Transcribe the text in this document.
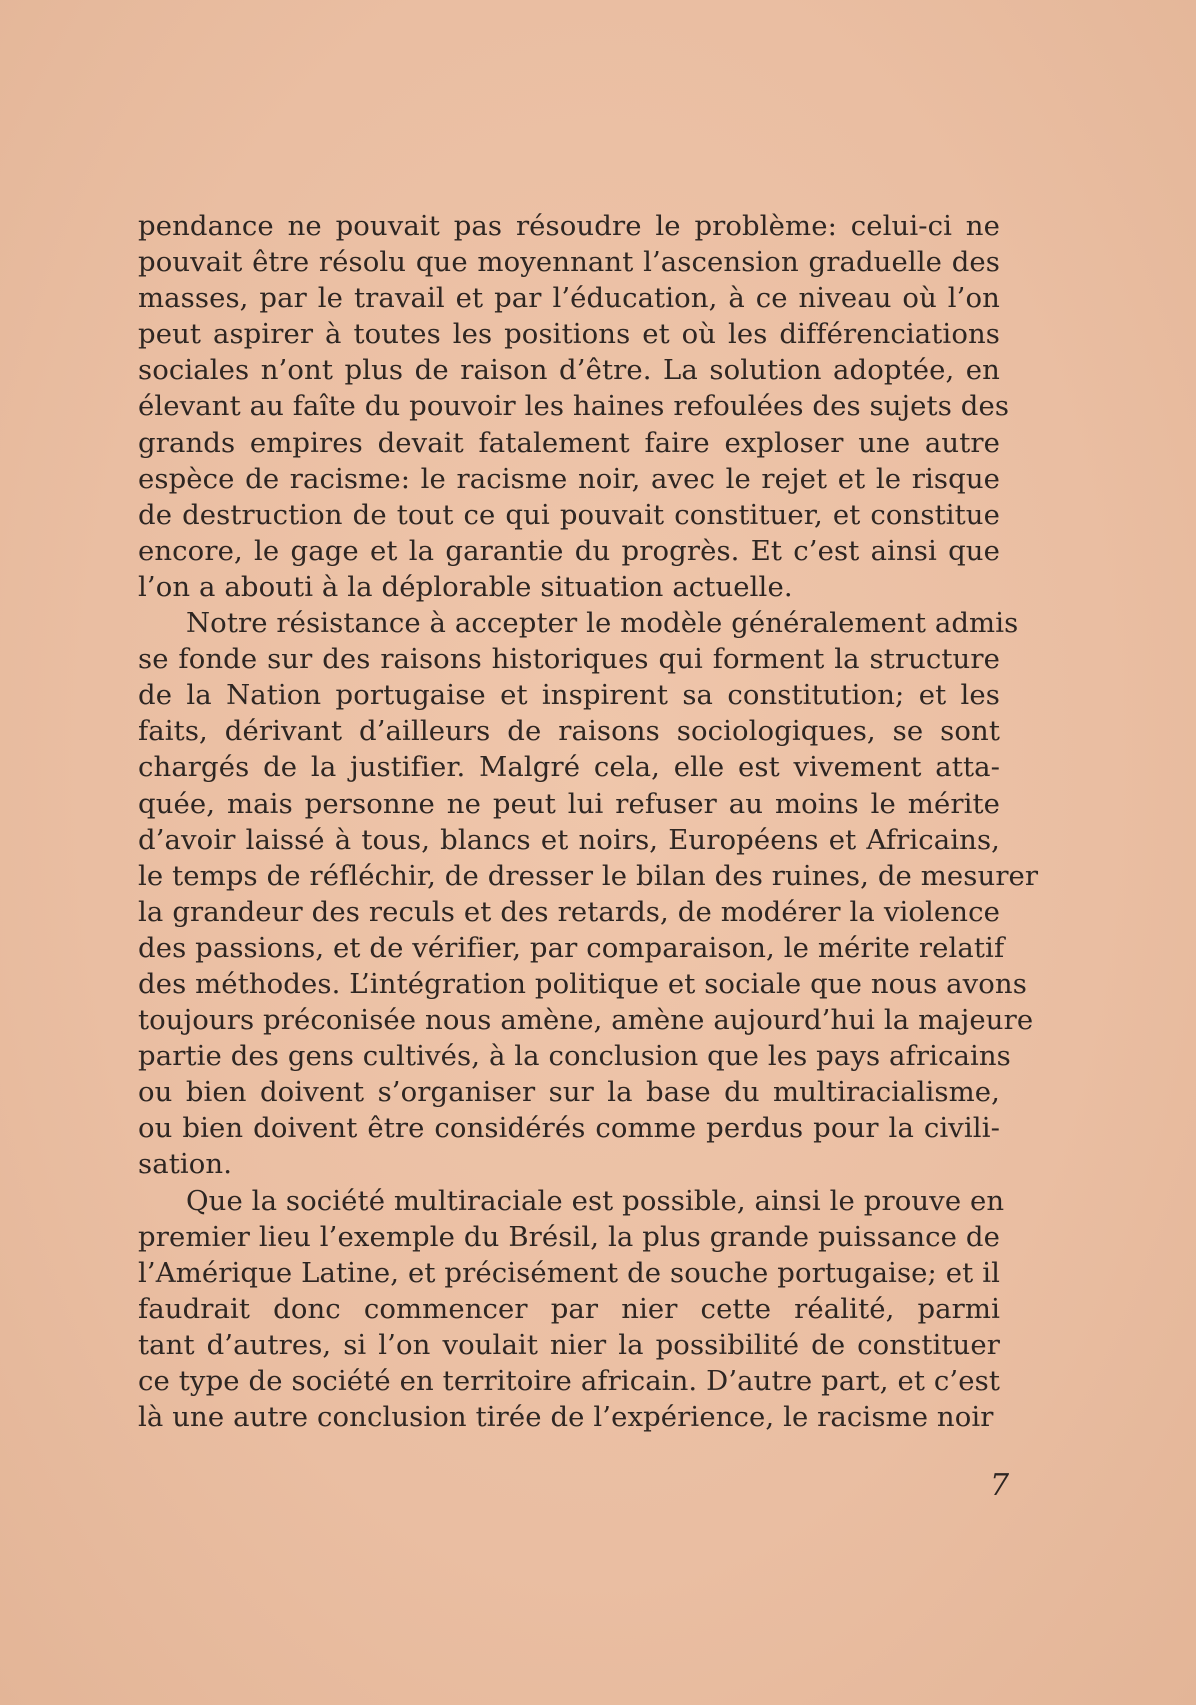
pendance ne pouvait pas résoudre le problème: celui-ci ne
pouvait être résolu que moyennant l’ascension graduelle des
masses, par le travail et par l’éducation, à ce niveau où l’on
peut aspirer à toutes les positions et où les différenciations
sociales n’ont plus de raison d’être. La solution adoptée, en
élevant au faîte du pouvoir les haines refoulées des sujets des
grands empires devait fatalement faire exploser une autre
espèce de racisme: le racisme noir, avec le rejet et le risque
de destruction de tout ce qui pouvait constituer, et constitue
encore, le gage et la garantie du progrès. Et c’est ainsi que
l’on a abouti à la déplorable situation actuelle.
Notre résistance à accepter le modèle généralement admis
se fonde sur des raisons historiques qui forment la structure
de la Nation portugaise et inspirent sa constitution; et les
faits, dérivant d’ailleurs de raisons sociologiques, se sont
chargés de la justifier. Malgré cela, elle est vivement atta-
quée, mais personne ne peut lui refuser au moins le mérite
d’avoir laissé à tous, blancs et noirs, Européens et Africains,
le temps de réfléchir, de dresser le bilan des ruines, de mesurer
la grandeur des reculs et des retards, de modérer la violence
des passions, et de vérifier, par comparaison, le mérite relatif
des méthodes. L’intégration politique et sociale que nous avons
toujours préconisée nous amène, amène aujourd’hui la majeure
partie des gens cultivés, à la conclusion que les pays africains
ou bien doivent s’organiser sur la base du multiracialisme,
ou bien doivent être considérés comme perdus pour la civili-
sation.
Que la société multiraciale est possible, ainsi le prouve en
premier lieu l’exemple du Brésil, la plus grande puissance de
l’Amérique Latine, et précisément de souche portugaise; et il
faudrait donc commencer par nier cette réalité, parmi
tant d’autres, si l’on voulait nier la possibilité de constituer
ce type de société en territoire africain. D’autre part, et c’est
là une autre conclusion tirée de l’expérience, le racisme noir
7
